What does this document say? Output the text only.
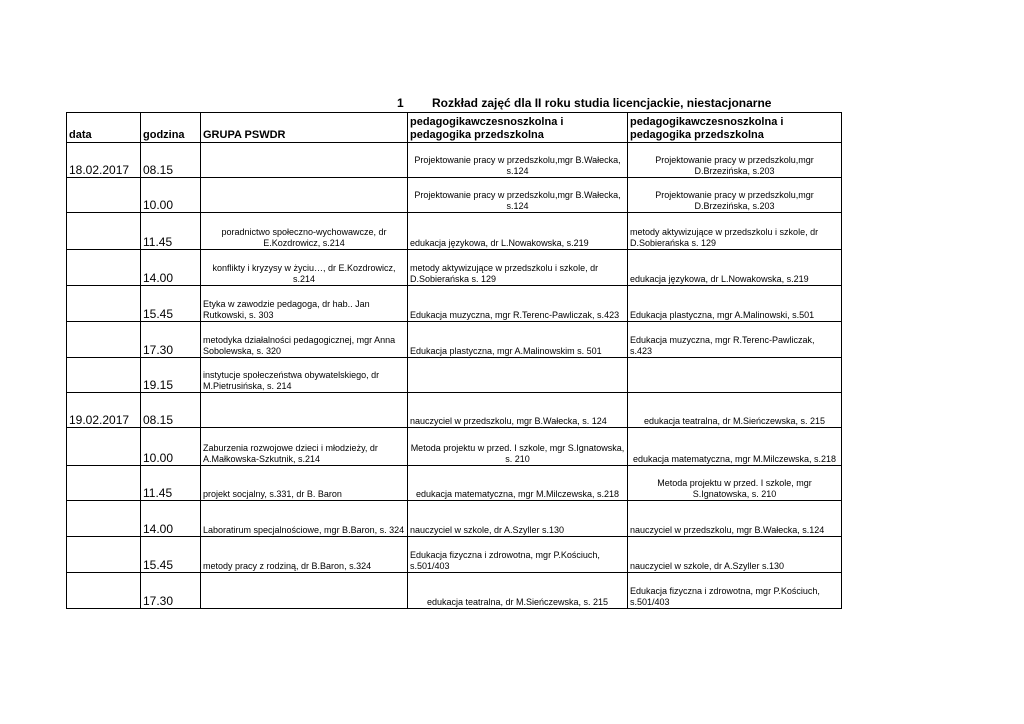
1 Rozkład zajęć dla II roku studia licencjackie, niestacjonarne
data	godzina	GRUPA PSWDR	pedagogikawczesnoszkolna i
pedagogika przedszkolna	pedagogikawczesnoszkolna i
pedagogika przedszkolna
18.02.2017	08.15		Projektowanie pracy w przedszkolu,mgr B.Wałecka, s.124	Projektowanie pracy w przedszkolu,mgr D.Brzezińska, s.203
	10.00		Projektowanie pracy w przedszkolu,mgr B.Wałecka, s.124	Projektowanie pracy w przedszkolu,mgr D.Brzezińska, s.203
	11.45	poradnictwo społeczno-wychowawcze, dr E.Kozdrowicz, s.214	edukacja językowa, dr L.Nowakowska, s.219	metody aktywizujące w przedszkolu i szkole, dr D.Sobierańska s. 129
	14.00	konflikty i kryzysy w życiu…, dr E.Kozdrowicz, s.214	metody aktywizujące w przedszkolu i szkole, dr D.Sobierańska s. 129	edukacja językowa, dr L.Nowakowska, s.219
	15.45	Etyka w zawodzie pedagoga, dr hab.. Jan Rutkowski, s. 303	Edukacja muzyczna, mgr R.Terenc-Pawliczak, s.423	Edukacja plastyczna, mgr A.Malinowski, s.501
	17.30	metodyka działalności pedagogicznej, mgr Anna Sobolewska, s. 320	Edukacja plastyczna, mgr A.Malinowskim s. 501	Edukacja muzyczna, mgr R.Terenc-Pawliczak, s.423
	19.15	instytucje społeczeństwa obywatelskiego, dr M.Pietrusińska, s. 214		
19.02.2017	08.15		nauczyciel w przedszkolu, mgr B.Wałecka, s. 124	edukacja teatralna, dr M.Sieńczewska, s. 215
	10.00	Zaburzenia rozwojowe dzieci i młodzieży, dr A.Małkowska-Szkutnik, s.214	Metoda projektu w przed. I szkole, mgr S.Ignatowska, s. 210	edukacja matematyczna, mgr M.Milczewska, s.218
	11.45	projekt socjalny, s.331, dr B. Baron	edukacja matematyczna, mgr M.Milczewska, s.218	Metoda projektu w przed. I szkole, mgr S.Ignatowska, s. 210
	14.00	Laboratirum specjalnościowe, mgr B.Baron, s. 324	nauczyciel w szkole, dr A.Szyller s.130	nauczyciel w przedszkolu, mgr B.Wałecka, s.124
	15.45	metody pracy z rodziną, dr B.Baron, s.324	Edukacja fizyczna i zdrowotna, mgr P.Kościuch, s.501/403	nauczyciel w szkole, dr A.Szyller s.130
	17.30		edukacja teatralna, dr M.Sieńczewska, s. 215	Edukacja fizyczna i zdrowotna, mgr P.Kościuch, s.501/403
